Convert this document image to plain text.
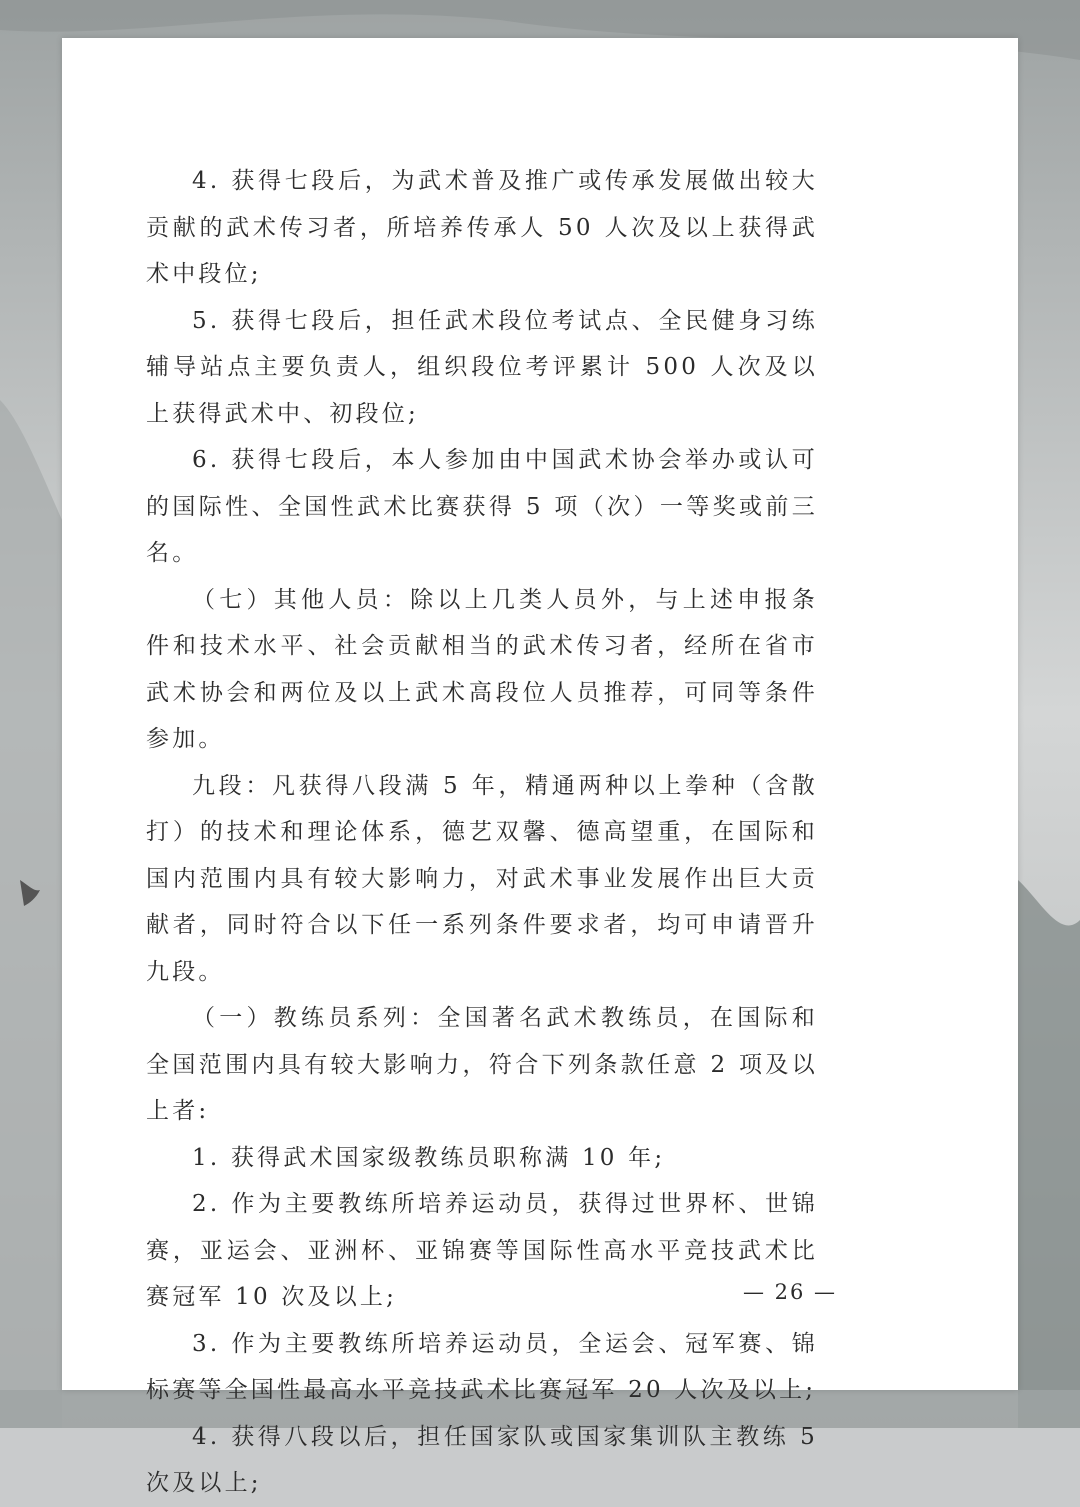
4. 获得七段后，为武术普及推广或传承发展做出较大贡献的武术传习者，所培养传承人 50 人次及以上获得武术中段位;

5. 获得七段后，担任武术段位考试点、全民健身习练辅导站点主要负责人，组织段位考评累计 500 人次及以上获得武术中、初段位;

6. 获得七段后，本人参加由中国武术协会举办或认可的国际性、全国性武术比赛获得 5 项（次）一等奖或前三名。

（七）其他人员：除以上几类人员外，与上述申报条件和技术水平、社会贡献相当的武术传习者，经所在省市武术协会和两位及以上武术高段位人员推荐，可同等条件参加。

九段：凡获得八段满 5 年，精通两种以上拳种（含散打）的技术和理论体系，德艺双馨、德高望重，在国际和国内范围内具有较大影响力，对武术事业发展作出巨大贡献者，同时符合以下任一系列条件要求者，均可申请晋升九段。

（一）教练员系列：全国著名武术教练员，在国际和全国范围内具有较大影响力，符合下列条款任意 2 项及以上者:

1. 获得武术国家级教练员职称满 10 年;

2. 作为主要教练所培养运动员，获得过世界杯、世锦赛，亚运会、亚洲杯、亚锦赛等国际性高水平竞技武术比赛冠军 10 次及以上;

3. 作为主要教练所培养运动员，全运会、冠军赛、锦标赛等全国性最高水平竞技武术比赛冠军 20 人次及以上;

4. 获得八段以后，担任国家队或国家集训队主教练 5 次及以上;

— 26 —
